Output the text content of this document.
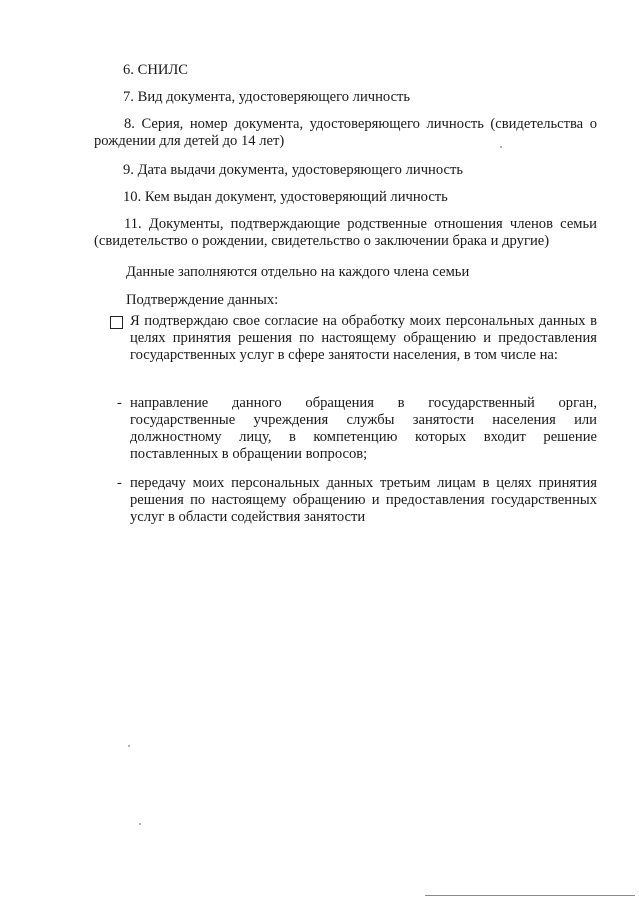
6. СНИЛС
7. Вид документа, удостоверяющего личность
8. Серия, номер документа, удостоверяющего личность (свидетельства о рождении для детей до 14 лет)
9. Дата выдачи документа, удостоверяющего личность
10. Кем выдан документ, удостоверяющий личность
11. Документы, подтверждающие родственные отношения членов семьи (свидетельство о рождении, свидетельство о заключении брака и другие)
Данные заполняются отдельно на каждого члена семьи
Подтверждение данных:
Я подтверждаю свое согласие на обработку моих персональных данных в целях принятия решения по настоящему обращению и предоставления государственных услуг в сфере занятости населения, в том числе на:
- направление данного обращения в государственный орган, государственные учреждения службы занятости населения или должностному лицу, в компетенцию которых входит решение поставленных в обращении вопросов;
- передачу моих персональных данных третьим лицам в целях принятия решения по настоящему обращению и предоставления государственных услуг в области содействия занятости
